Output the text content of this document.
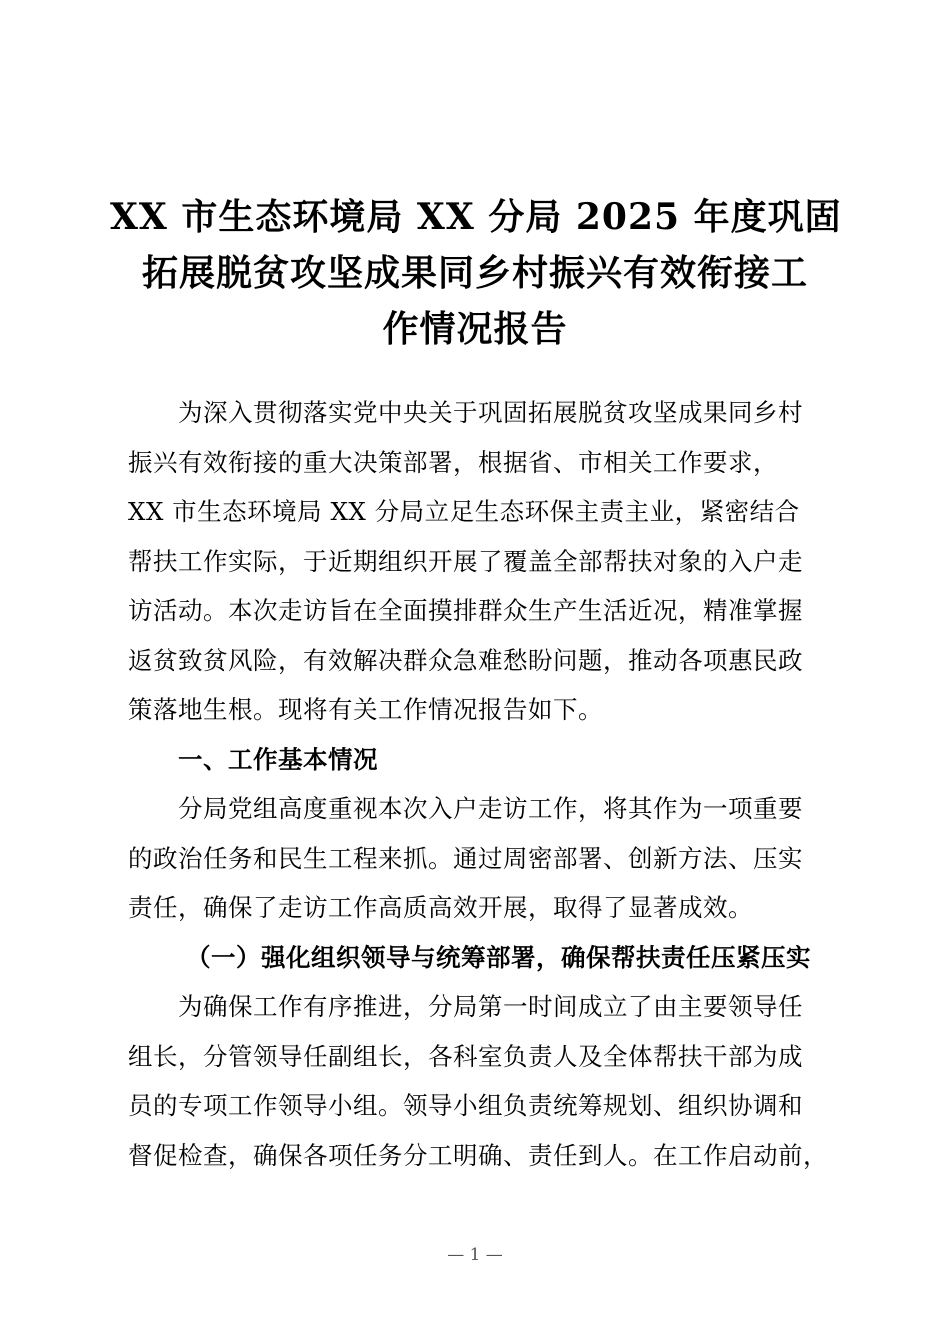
XX 市生态环境局 XX 分局 2025 年度巩固
拓展脱贫攻坚成果同乡村振兴有效衔接工
作情况报告
为深入贯彻落实党中央关于巩固拓展脱贫攻坚成果同乡村
振兴有效衔接的重大决策部署，根据省、市相关工作要求，
XX 市生态环境局 XX 分局立足生态环保主责主业，紧密结合
帮扶工作实际，于近期组织开展了覆盖全部帮扶对象的入户走
访活动。本次走访旨在全面摸排群众生产生活近况，精准掌握
返贫致贫风险，有效解决群众急难愁盼问题，推动各项惠民政
策落地生根。现将有关工作情况报告如下。
一、工作基本情况
分局党组高度重视本次入户走访工作，将其作为一项重要
的政治任务和民生工程来抓。通过周密部署、创新方法、压实
责任，确保了走访工作高质高效开展，取得了显著成效。
（一）强化组织领导与统筹部署，确保帮扶责任压紧压实
为确保工作有序推进，分局第一时间成立了由主要领导任
组长，分管领导任副组长，各科室负责人及全体帮扶干部为成
员的专项工作领导小组。领导小组负责统筹规划、组织协调和
督促检查，确保各项任务分工明确、责任到人。在工作启动前，
— 1 —
